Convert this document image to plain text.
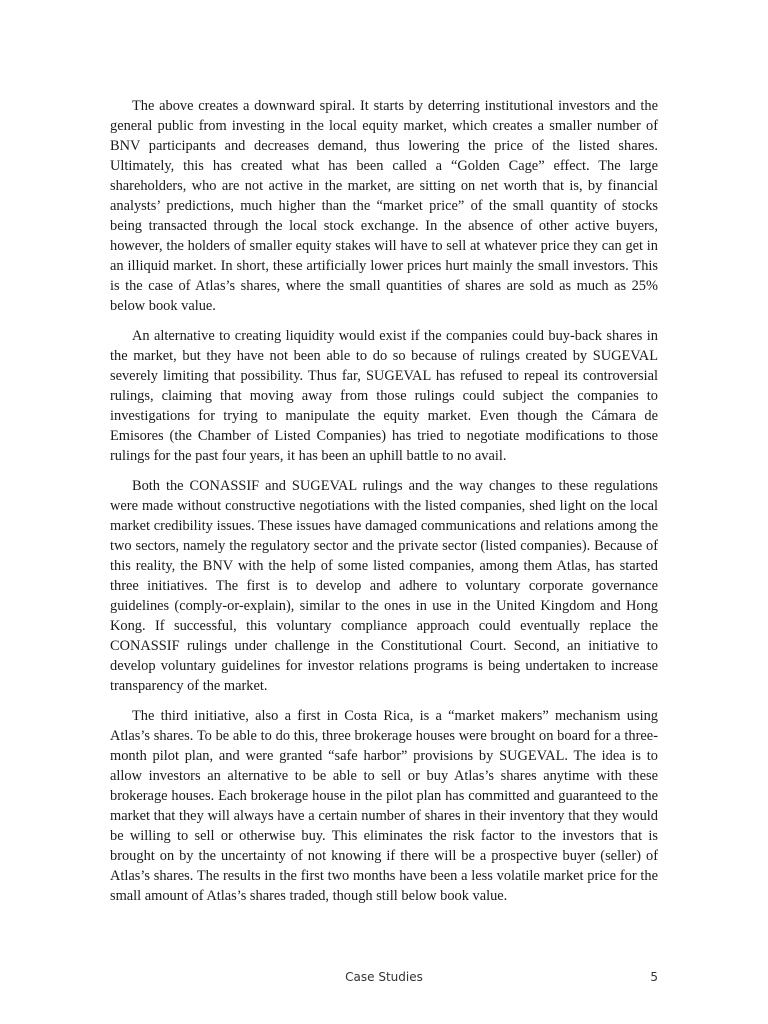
The above creates a downward spiral. It starts by deterring institutional investors and the general public from investing in the local equity market, which creates a smaller number of BNV participants and decreases demand, thus lowering the price of the listed shares. Ultimately, this has created what has been called a “Golden Cage” effect. The large shareholders, who are not active in the market, are sitting on net worth that is, by financial analysts’ predictions, much higher than the “market price” of the small quantity of stocks being transacted through the local stock exchange. In the absence of other active buyers, however, the holders of smaller equity stakes will have to sell at whatever price they can get in an illiquid market. In short, these artificially lower prices hurt mainly the small investors. This is the case of Atlas’s shares, where the small quantities of shares are sold as much as 25% below book value.

An alternative to creating liquidity would exist if the companies could buy-back shares in the market, but they have not been able to do so because of rulings created by SUGEVAL severely limiting that possibility. Thus far, SUGEVAL has refused to repeal its controversial rulings, claiming that moving away from those rulings could subject the companies to investigations for trying to manipulate the equity market. Even though the Cámara de Emisores (the Chamber of Listed Companies) has tried to negotiate modifications to those rulings for the past four years, it has been an uphill battle to no avail.

Both the CONASSIF and SUGEVAL rulings and the way changes to these regulations were made without constructive negotiations with the listed companies, shed light on the local market credibility issues. These issues have damaged communications and relations among the two sectors, namely the regulatory sector and the private sector (listed companies). Because of this reality, the BNV with the help of some listed companies, among them Atlas, has started three initiatives. The first is to develop and adhere to voluntary corporate governance guidelines (comply-or-explain), similar to the ones in use in the United Kingdom and Hong Kong. If successful, this voluntary compliance approach could eventually replace the CONASSIF rulings under challenge in the Constitutional Court. Second, an initiative to develop voluntary guidelines for investor relations programs is being undertaken to increase transparency of the market.

The third initiative, also a first in Costa Rica, is a “market makers” mechanism using Atlas’s shares. To be able to do this, three brokerage houses were brought on board for a three-month pilot plan, and were granted “safe harbor” provisions by SUGEVAL. The idea is to allow investors an alternative to be able to sell or buy Atlas’s shares anytime with these brokerage houses. Each brokerage house in the pilot plan has committed and guaranteed to the market that they will always have a certain number of shares in their inventory that they would be willing to sell or otherwise buy. This eliminates the risk factor to the investors that is brought on by the uncertainty of not knowing if there will be a prospective buyer (seller) of Atlas’s shares. The results in the first two months have been a less volatile market price for the small amount of Atlas’s shares traded, though still below book value.

Case Studies	5
